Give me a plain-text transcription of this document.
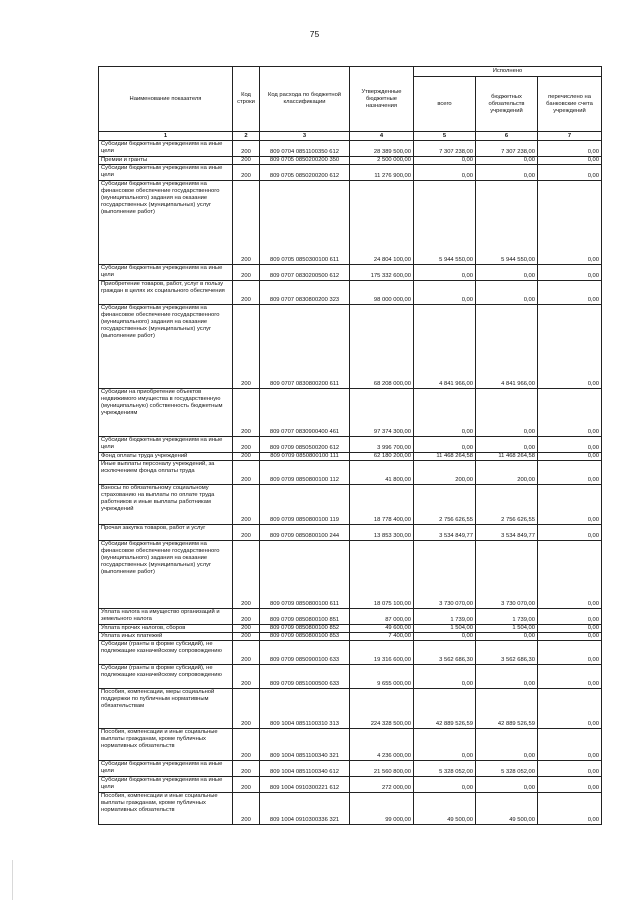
75
Наименование показателя	Код строки	Код расхода по бюджетной классификации	Утвержденные бюджетные назначения	Исполнено		
				всего	бюджетных обязательств учреждений	перечислено на банковские счета учреждений
1	2	3	4	5	6	7
Субсидии бюджетным учреждениям на иные цели	200	809 0704 0851100350 612	28 389 500,00	7 307 238,00	7 307 238,00	0,00
Премии и гранты	200	809 0705 0850200200 350	2 500 000,00	0,00	0,00	0,00
Субсидии бюджетным учреждениям на иные цели	200	809 0705 0850200200 612	11 276 900,00	0,00	0,00	0,00
Субсидии бюджетным учреждениям на финансовое обеспечение государственного (муниципального) задания на оказание государственных (муниципальных) услуг (выполнение работ)	200	809 0705 0850300100 611	24 804 100,00	5 944 550,00	5 944 550,00	0,00
Субсидии бюджетным учреждениям на иные цели	200	809 0707 0830200500 612	175 332 600,00	0,00	0,00	0,00
Приобретение товаров, работ, услуг в пользу граждан в целях их социального обеспечения	200	809 0707 0830800200 323	98 000 000,00	0,00	0,00	0,00
Субсидии бюджетным учреждениям на финансовое обеспечение государственного (муниципального) задания на оказание государственных (муниципальных) услуг (выполнение работ)	200	809 0707 0830800200 611	68 208 000,00	4 841 966,00	4 841 966,00	0,00
Субсидии на приобретение объектов недвижимого имущества в государственную (муниципальную) собственность бюджетным учреждениям	200	809 0707 0830900400 461	97 374 300,00	0,00	0,00	0,00
Субсидии бюджетным учреждениям на иные цели	200	809 0709 0850500200 612	3 996 700,00	0,00	0,00	0,00
Фонд оплаты труда учреждений	200	809 0709 0850800100 111	62 180 200,00	11 468 264,58	11 468 264,58	0,00
Иные выплаты персоналу учреждений, за исключением фонда оплаты труда	200	809 0709 0850800100 112	41 800,00	200,00	200,00	0,00
Взносы по обязательному социальному страхованию на выплаты по оплате труда работников и иные выплаты работникам учреждений	200	809 0709 0850800100 119	18 778 400,00	2 756 626,55	2 756 626,55	0,00
Прочая закупка товаров, работ и услуг	200	809 0709 0850800100 244	13 853 300,00	3 534 849,77	3 534 849,77	0,00
Субсидии бюджетным учреждениям на финансовое обеспечение государственного (муниципального) задания на оказание государственных (муниципальных) услуг (выполнение работ)	200	809 0709 0850800100 611	18 075 100,00	3 730 070,00	3 730 070,00	0,00
Уплата налога на имущество организаций и земельного налога	200	809 0709 0850800100 851	87 000,00	1 739,00	1 739,00	0,00
Уплата прочих налогов, сборов	200	809 0709 0850800100 852	49 600,00	1 504,00	1 504,00	0,00
Уплата иных платежей	200	809 0709 0850800100 853	7 400,00	0,00	0,00	0,00
Субсидии (гранты в форме субсидий), не подлежащие казначейскому сопровождению	200	809 0709 0850900100 633	19 316 600,00	3 562 686,30	3 562 686,30	0,00
Субсидии (гранты в форме субсидий), не подлежащие казначейскому сопровождению	200	809 0709 0851000500 633	9 655 000,00	0,00	0,00	0,00
Пособия, компенсации, меры социальной поддержки по публичным нормативным обязательствам	200	809 1004 0851100310 313	224 328 500,00	42 889 526,59	42 889 526,59	0,00
Пособия, компенсации и иные социальные выплаты гражданам, кроме публичных нормативных обязательств	200	809 1004 0851100340 321	4 236 000,00	0,00	0,00	0,00
Субсидии бюджетным учреждениям на иные цели	200	809 1004 0851100340 612	21 560 800,00	5 328 052,00	5 328 052,00	0,00
Субсидии бюджетным учреждениям на иные цели	200	809 1004 0910300221 612	272 000,00	0,00	0,00	0,00
Пособия, компенсации и иные социальные выплаты гражданам, кроме публичных нормативных обязательств	200	809 1004 0910300336 321	99 000,00	49 500,00	49 500,00	0,00
